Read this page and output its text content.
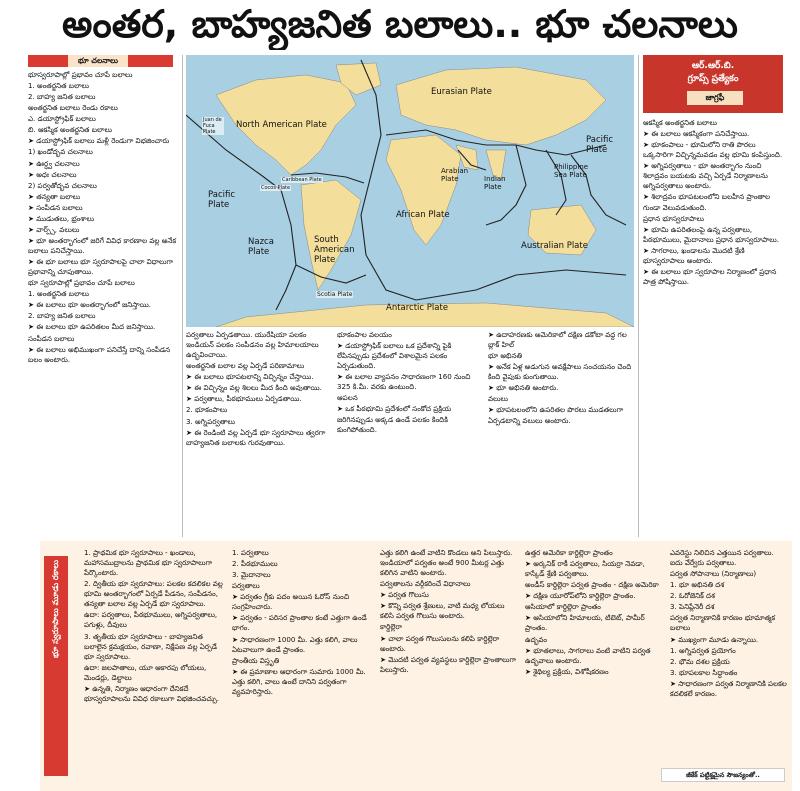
అంతర, బాహ్యజనిత బలాలు.. భూ చలనాలు
భూ చలనాలు

భూస్వరూపాల్లో ప్రభావం చూపే బలాలు

1. అంతర్జనిత బలాలు

2. బాహ్య జనిత బలాలు

అంతర్జనిత బలాలు రెండు రకాలు

ఎ. డయాస్ట్రోఫిక్ బలాలు

బి. ఆకస్మిక అంతర్జనిత బలాలు

➤ డయాస్ట్రోఫిక్ బలాలు మళ్లీ రెండుగా విభజించారు

1) ఖండోద్భవ చలనాలు

➤ ఊర్ధ్వ చలనాలు

➤ అధః చలనాలు

2) పర్వతోద్భవ చలనాలు

➤ తన్యతా బలాలు

➤ సంపీడన బలాలు

➤ ముడుతలు, భ్రంశాలు

➤ వార్ప్స్, వలులు

➤ భూ అంతర్భాగంలో జరిగే వివిధ కారణాల వల్ల అనేక బలాలు పనిచేస్తాయి.

➤ ఈ భూ బలాలు భూ స్వరూపాలపై చాలా విధాలుగా ప్రభావాన్ని చూపుతాయి.

భూ స్వరూపాల్లో ప్రభావం చూపే బలాలు

1. అంతర్జనిత బలాలు

➤ ఈ బలాలు భూ అంతర్భాగంలో జనిస్తాయి.

2. బాహ్య జనిత బలాలు

➤ ఈ బలాలు భూ ఉపరితలం మీద జనిస్తాయి.

సంపీడన బలాలు

➤ ఈ బలాలు అభిముఖంగా పనిచేస్తే దాన్ని సంపీడన బలం అంటారు.

North American Plate
Eurasian Plate
Pacific Plate
Pacific Plate
Nazca Plate
South American Plate
African Plate
Arabian Plate	Indian Plate
Philippine Sea Plate
Australian Plate
Antarctic Plate
Scotia Plate
Juan de Fuca Plate
Caribbean Plate
Cocos Plate
ఆర్.ఆర్.బి.
గ్రూప్స్ ప్రత్యేకం
జాగ్రఫీ

ఆకస్మిక అంతర్జనిత బలాలు

➤ ఈ బలాలు ఆకస్మికంగా పనిచేస్తాయి.

➤ భూకంపాలు - భూమిలోని రాతి పొరలు ఒక్కసారిగా విచ్ఛిన్నమవడం వల్ల భూమి కంపిస్తుంది.

➤ అగ్నిపర్వతాలు - భూ అంతర్భాగం నుంచి శిలాద్రవం బయటకు వచ్చి ఏర్పడే నిర్మాణాలను అగ్నిపర్వతాలు అంటారు.

➤ శిలాద్రవం భూపటలంలోని బలహీన ప్రాంతాల గుండా వెలువడుతుంది.

ప్రధాన భూస్వరూపాలు

➤ భూమి ఉపరితలంపై ఉన్న పర్వతాలు, పీఠభూములు, మైదానాలు ప్రధాన భూస్వరూపాలు.

➤ సాగరాలు, ఖండాలను మొదటి శ్రేణి భూస్వరూపాలు అంటారు.

➤ ఈ బలాలు భూ స్వరూపాల నిర్మాణంలో ప్రధాన పాత్ర పోషిస్తాయి.

పర్వతాలు ఏర్పడతాయి. యురేషియా పలకం ఇండియన్ పలకం సంపీడనం వల్ల హిమాలయాలు ఉద్భవించాయి.

అంతర్జనిత బలాల వల్ల ఏర్పడే పరిణామాలు

➤ ఈ బలాలు భూపటలాన్ని విచ్ఛిన్నం చేస్తాయి.

➤ ఈ విచ్ఛిన్నం వల్ల శిలలు మీద కింది అవుతాయి.

➤ పర్వతాలు, పీఠభూములు ఏర్పడతాయి.

2. భూకంపాలు

3. అగ్నిపర్వతాలు

➤ ఈ రెండింటి వల్ల ఏర్పడే భూ స్వరూపాలు త్వరగా బాహ్యజనిత బలాలకు గురవుతాయి.

భూకంపాల వలయం

➤ డయాస్ట్రోఫిక్ బలాలు ఒక ప్రదేశాన్ని పైకి లేపినప్పుడు ప్రదేశంలో విశాలమైన పలకం ఏర్పడుతుంది.

➤ ఈ బలాల వ్యాపనం సాధారణంగా 160 నుంచి 325 కి.మీ. వరకు ఉంటుంది.

ఆపలన

➤ ఒక పీఠభూమి ప్రదేశంలో సంకోచ ప్రక్రియ జరిగినప్పుడు అక్కడ ఉండే పలకం కిందికి కుంగిపోతుంది.

➤ ఉదాహరణకు అమెరికాలో దక్షిణ డకోటా వద్ద గల బ్లాక్ హిల్

భూ అభినతి

➤ అనేక ఏళ్ల అడుగున అవక్షేపాలు సంచయనం చెంది కింది వైపుకు కుంగుతాయి.

➤ భూ అభినతి అంటారు.

వలులు

➤ భూపటలంలోని ఉపరితల పొరలు ముడతలుగా ఏర్పడటాన్ని వలులు అంటారు.

భూ స్వరూపాలు మూడు రకాలు

1. ప్రాథమిక భూ స్వరూపాలు - ఖండాలు, మహాసముద్రాలను ప్రాథమిక భూ స్వరూపాలుగా పేర్కొంటారు.

2. ద్వితీయ భూ స్వరూపాలు: పలకల కదలికల వల్ల భూమి అంతర్భాగంలో ఏర్పడే పీడనం, సంపీడనం, తన్యతా బలాల వల్ల ఏర్పడే భూ స్వరూపాలు.

ఉదా: పర్వతాలు, పీఠభూములు, అగ్నిపర్వతాలు, పగుళ్లు, దీవులు

3. తృతీయ భూ స్వరూపాలు - బాహ్యజనిత బలాలైన క్రమక్షయం, రవాణా, నిక్షేపణ వల్ల ఏర్పడే భూ స్వరూపాలు.

ఉదా: జలపాతాలు, యూ ఆకారపు లోయలు, మెండర్లు, డెల్టాలు

➤ ఉన్నతి, నిర్మాణం ఆధారంగా దేనికదే భూస్వరూపాలను వివిధ రకాలుగా విభజించవచ్చు.

1. పర్వతాలు

2. పీఠభూములు

3. మైదానాలు

పర్వతాలు

➤ పర్వతం గ్రీకు పదం అయిన ఓరోస్ నుంచి సంగ్రహించారు.

➤ పర్వతం - పరిసర ప్రాంతాల కంటే ఎత్తుగా ఉండే భాగం.

➤ సాధారణంగా 1000 మీ. ఎత్తు కలిగి, వాలు ఏటవాలుగా ఉండే ప్రాంతం.

ప్రాంతీయ విస్తృతి

➤ ఈ ప్రమాణాల ఆధారంగా సుమారు 1000 మీ. ఎత్తు కలిగి, వాలు ఉంటే దానిని పర్వతంగా వ్యవహరిస్తారు.

ఎత్తు కలిగి ఉంటే వాటిని కొండలు అని పిలుస్తారు. ఇండియాలో పర్వతం అంటే 900 మీటర్ల ఎత్తు కలిగిన వాటిని అంటారు.

పర్వతాలను వర్గీకరించే విధానాలు

➤ పర్వత గొలుసు

➤ కొన్ని పర్వత శ్రేణులు, వాటి మధ్య లోయలు కలిసి పర్వత గొలుసు అంటారు.

కార్డిల్లెరా

➤ చాలా పర్వత గొలుసులను కలిపి కార్డిల్లెరా అంటారు.

➤ మొదటి పర్వత వ్యవస్థలు కార్డిల్లెరా ప్రాంతాలుగా పిలుస్తారు.

ఉత్తర అమెరికా కార్డిల్లెరా ప్రాంతం

➤ అర్కనిక్ రాకీ పర్వతాలు, సియర్రా నెవడా, కాస్కేడ్ శ్రేణి పర్వతాలు.

అండీస్ కార్డిల్లెరా పర్వత ప్రాంతం - దక్షిణ అమెరికా

➤ దక్షిణ యూరోప్‌లోని కార్డిల్లెరా ప్రాంతం.

ఆసియాలో కార్డిల్లెరా ప్రాంతం

➤ ఆసియాలోని హిమాలయ, టిబెట్, పామీర్ ప్రాంతం.

ఉద్భవం

➤ భూతలాలు, సాగరాలు వంటి వాటిని పర్వత ఉద్భవాలు అంటారు.

➤ శైథిల్య ప్రక్రియ, విశోషీకరణం

ఎవరెస్టు నిలిచిన ఎత్తయిన పర్వతాలు. ఐదు వేర్వేరు పర్వతాలు.

పర్వత సోపానాలు (నిర్మాణాలు)

1. భూ అభినతి దశ

2. ఓరోజెనిక్ దశ

3. పెనిప్లేనెరీ దశ

పర్వత నిర్మాణానికి కారణం భూమాత్మక బలాలు

➤ ముఖ్యంగా మూడు ఉన్నాయి.

1. అగ్నిపర్వత ప్రయోగం

2. భౌమ దశల ప్రక్రియ

3. భూపలకాల సిద్ధాంతం

➤ సాధారణంగా పర్వత నిర్మాణానికి పలకల కదలికలే కారణం.

జీకేక్ పట్టిక్తమైన సౌజన్యంతో..
